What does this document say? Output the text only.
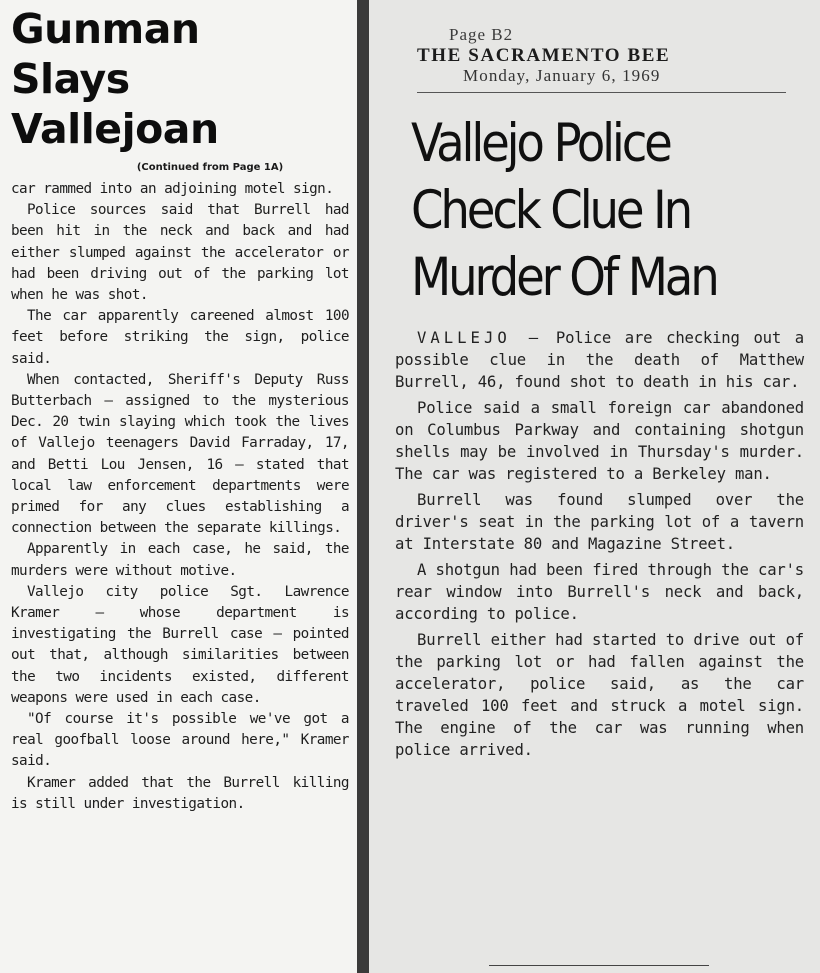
Gunman
Slays
Vallejoan
(Continued from Page 1A)

car rammed into an adjoining motel sign.

Police sources said that Burrell had been hit in the neck and back and had either slumped against the accelerator or had been driving out of the parking lot when he was shot.

The car apparently careened almost 100 feet before striking the sign, police said.

When contacted, Sheriff's Deputy Russ Butterbach — assigned to the mysterious Dec. 20 twin slaying which took the lives of Vallejo teenagers David Farraday, 17, and Betti Lou Jensen, 16 — stated that local law enforcement departments were primed for any clues establishing a connection between the separate killings.

Apparently in each case, he said, the murders were without motive.

Vallejo city police Sgt. Lawrence Kramer — whose department is investigating the Burrell case — pointed out that, although similarities between the two incidents existed, different weapons were used in each case.

"Of course it's possible we've got a real goofball loose around here," Kramer said.

Kramer added that the Burrell killing is still under investigation.

Page B2
THE SACRAMENTO BEE
Monday, January 6, 1969
Vallejo Police
Check Clue In
Murder Of Man

VALLEJO — Police are checking out a possible clue in the death of Matthew Burrell, 46, found shot to death in his car.

Police said a small foreign car abandoned on Columbus Parkway and containing shotgun shells may be involved in Thursday's murder. The car was registered to a Berkeley man.

Burrell was found slumped over the driver's seat in the parking lot of a tavern at Interstate 80 and Magazine Street.

A shotgun had been fired through the car's rear window into Burrell's neck and back, according to police.

Burrell either had started to drive out of the parking lot or had fallen against the accelerator, police said, as the car traveled 100 feet and struck a motel sign. The engine of the car was running when police arrived.
